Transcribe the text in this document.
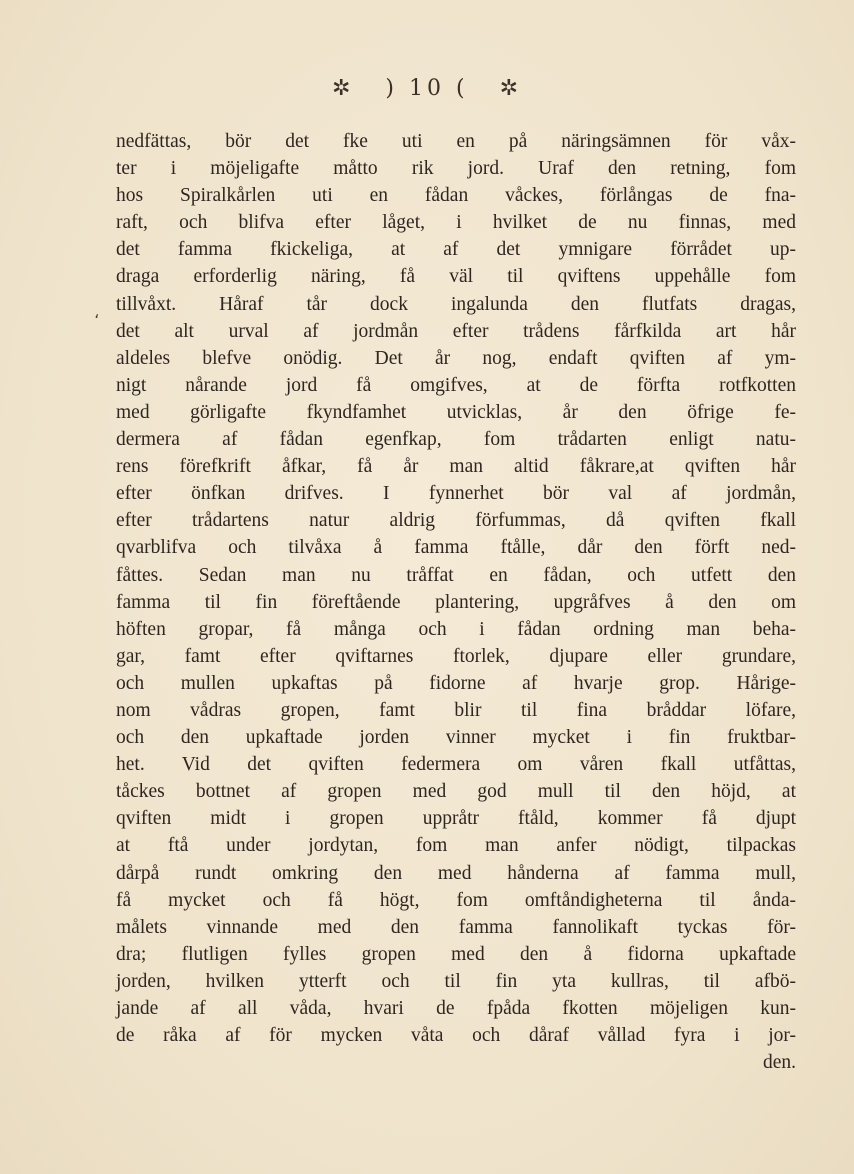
✲ ) 10 ( ✲
،
nedfättas, bör det fke uti en på näringsämnen för våx-
ter i möjeligafte måtto rik jord. Uraf den retning, fom
hos Spiralkårlen uti en fådan våckes, förlångas de fna-
raft, och blifva efter låget, i hvilket de nu finnas, med
det famma fkickeliga, at af det ymnigare förrådet up-
draga erforderlig näring, få väl til qviftens uppehålle fom
tillvåxt. Håraf tår dock ingalunda den flutfats dragas,
det alt urval af jordmån efter trådens fårfkilda art hår
aldeles blefve onödig. Det år nog, endaft qviften af ym-
nigt nårande jord få omgifves, at de förfta rotfkotten
med görligafte fkyndfamhet utvicklas, år den öfrige fe-
dermera af fådan egenfkap, fom trådarten enligt natu-
rens förefkrift åfkar, få år man altid fåkrare,at qviften hår
efter önfkan drifves. I fynnerhet bör val af jordmån,
efter trådartens natur aldrig förfummas, då qviften fkall
qvarblifva och tilvåxa å famma ftålle, dår den förft ned-
fåttes. Sedan man nu tråffat en fådan, och utfett den
famma til fin föreftående plantering, upgråfves å den om
höften gropar, få många och i fådan ordning man beha-
gar, famt efter qviftarnes ftorlek, djupare eller grundare,
och mullen upkaftas på fidorne af hvarje grop. Hårige-
nom vådras gropen, famt blir til fina bråddar löfare,
och den upkaftade jorden vinner mycket i fin fruktbar-
het. Vid det qviften federmera om våren fkall utfåttas,
tåckes bottnet af gropen med god mull til den höjd, at
qviften midt i gropen uppråtr ftåld, kommer få djupt
at ftå under jordytan, fom man anfer nödigt, tilpackas
dårpå rundt omkring den med hånderna af famma mull,
få mycket och få högt, fom omftåndigheterna til ånda-
målets vinnande med den famma fannolikaft tyckas för-
dra; flutligen fylles gropen med den å fidorna upkaftade
jorden, hvilken ytterft och til fin yta kullras, til afbö-
jande af all våda, hvari de fpåda fkotten möjeligen kun-
de råka af för mycken våta och dåraf vållad fyra i jor-
den.
